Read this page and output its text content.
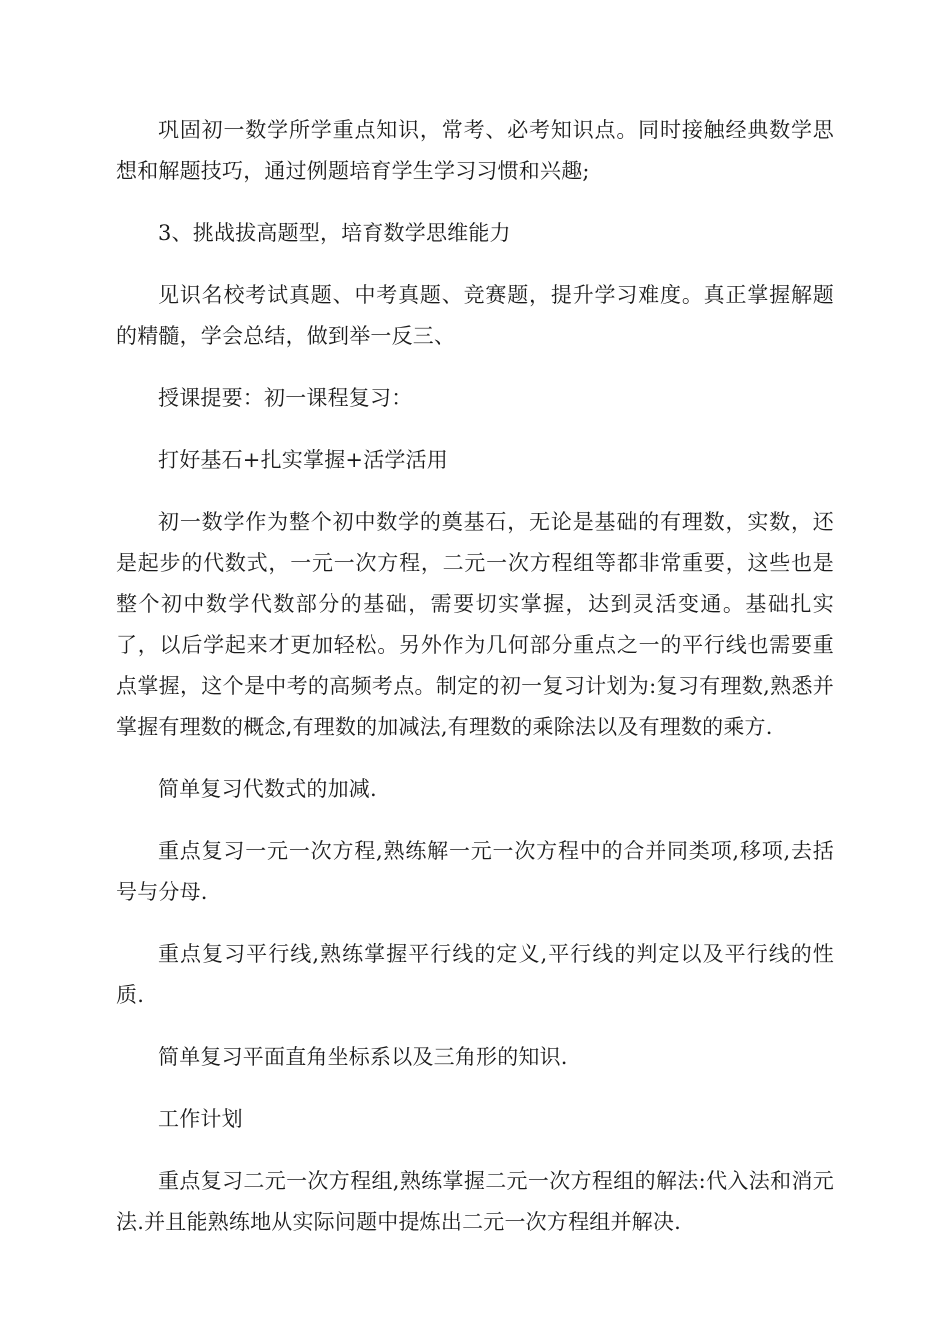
巩固初一数学所学重点知识，常考、必考知识点。同时接触经典数学思想和解题技巧，通过例题培育学生学习习惯和兴趣;

3、挑战拔高题型，培育数学思维能力

见识名校考试真题、中考真题、竞赛题，提升学习难度。真正掌握解题的精髓，学会总结，做到举一反三、

授课提要：初一课程复习：

打好基石+扎实掌握+活学活用

初一数学作为整个初中数学的奠基石，无论是基础的有理数，实数，还是起步的代数式，一元一次方程，二元一次方程组等都非常重要，这些也是整个初中数学代数部分的基础，需要切实掌握，达到灵活变通。基础扎实了，以后学起来才更加轻松。另外作为几何部分重点之一的平行线也需要重点掌握，这个是中考的高频考点。制定的初一复习计划为:复习有理数,熟悉并掌握有理数的概念,有理数的加减法,有理数的乘除法以及有理数的乘方.

简单复习代数式的加减.

重点复习一元一次方程,熟练解一元一次方程中的合并同类项,移项,去括号与分母.

重点复习平行线,熟练掌握平行线的定义,平行线的判定以及平行线的性质.

简单复习平面直角坐标系以及三角形的知识.

工作计划

重点复习二元一次方程组,熟练掌握二元一次方程组的解法:代入法和消元法.并且能熟练地从实际问题中提炼出二元一次方程组并解决.
